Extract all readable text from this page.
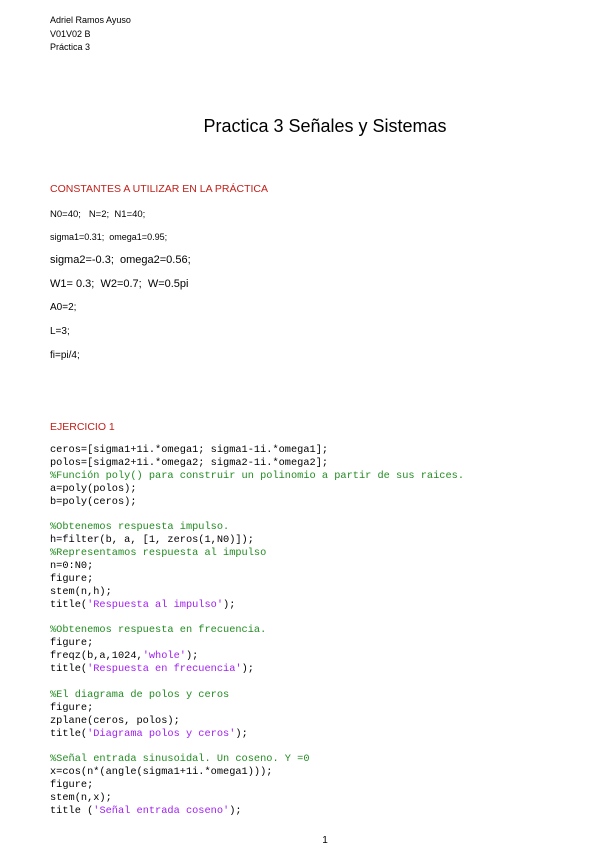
Adriel Ramos Ayuso
V01V02 B
Práctica 3
Practica 3 Señales y Sistemas
CONSTANTES A UTILIZAR EN LA PRÁCTICA
N0=40;   N=2;  N1=40;
sigma1=0.31;  omega1=0.95;
sigma2=-0.3;  omega2=0.56;
W1= 0.3;  W2=0.7;  W=0.5pi
A0=2;
L=3;
fi=pi/4;
EJERCICIO 1
ceros=[sigma1+1i.*omega1; sigma1-1i.*omega1];
polos=[sigma2+1i.*omega2; sigma2-1i.*omega2];
%Función poly() para construir un polinomio a partir de sus raices.
a=poly(polos);
b=poly(ceros);
%Obtenemos respuesta impulso.
h=filter(b, a, [1, zeros(1,N0)]);
%Representamos respuesta al impulso
n=0:N0;
figure;
stem(n,h);
title('Respuesta al impulso');
%Obtenemos respuesta en frecuencia.
figure;
freqz(b,a,1024,'whole');
title('Respuesta en frecuencia');
%El diagrama de polos y ceros
figure;
zplane(ceros, polos);
title('Diagrama polos y ceros');
%Señal entrada sinusoidal. Un coseno. Y =0
x=cos(n*(angle(sigma1+1i.*omega1)));
figure;
stem(n,x);
title ('Señal entrada coseno');
1
